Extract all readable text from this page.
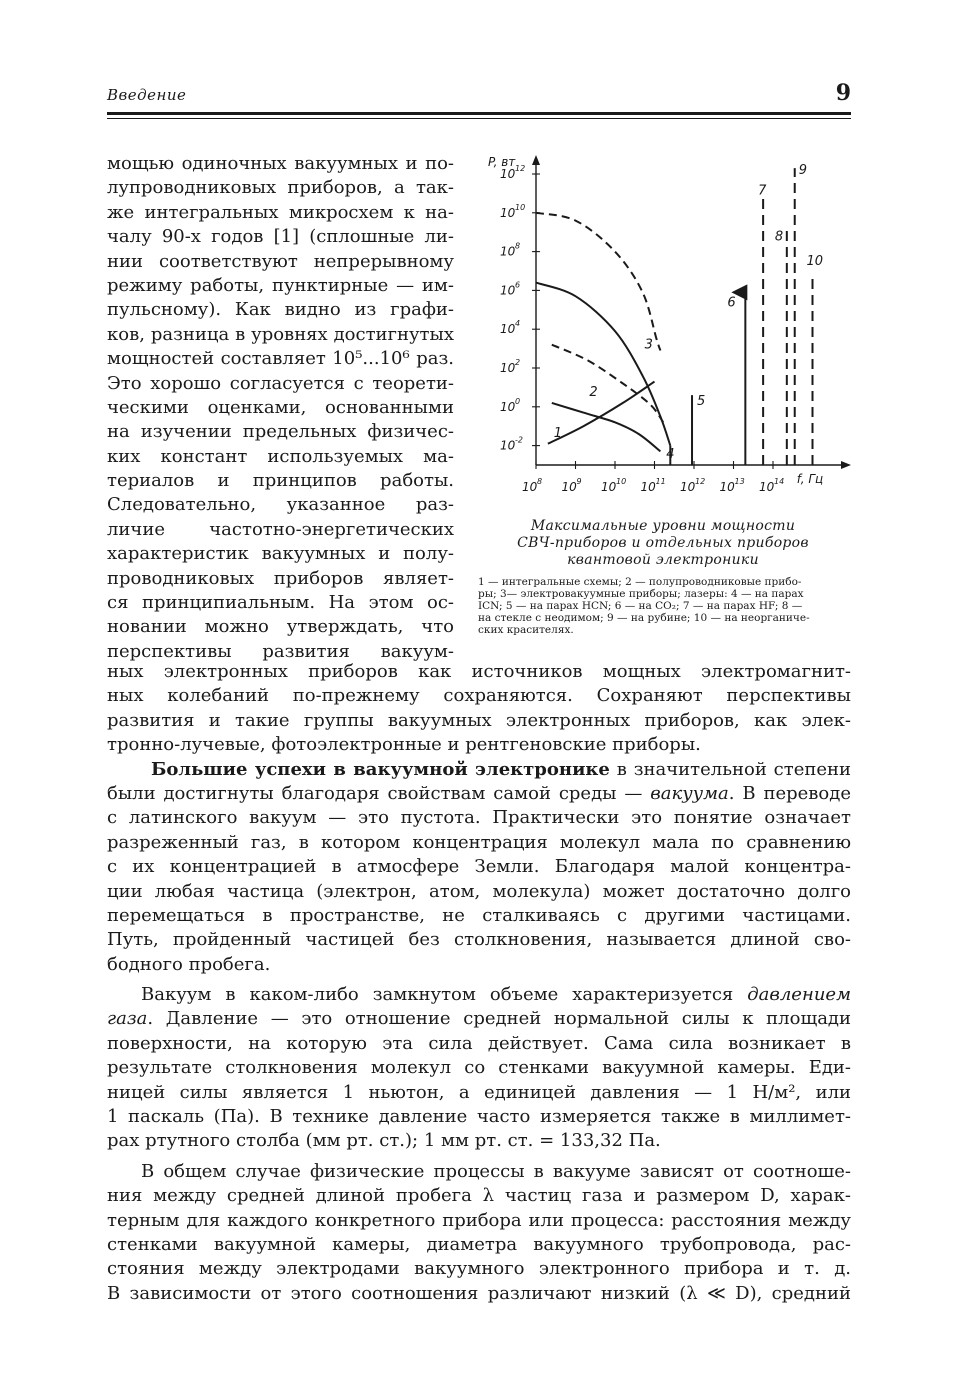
Введение	9
мощью одиночных вакуумных и по-
лупроводниковых приборов, а так-
же интегральных микросхем к на-
чалу 90-х годов [1] (сплошные ли-
нии соответствуют непрерывному
режиму работы, пунктирные — им-
пульсному). Как видно из графи-
ков, разница в уровнях достигнутых
мощностей составляет 10⁵...10⁶ раз.
Это хорошо согласуется с теорети-
ческими оценками, основанными
на изучении предельных физичес-
ких констант используемых ма-
териалов и принципов работы.
Следовательно, указанное раз-
личие частотно-энергетических
характеристик вакуумных и полу-
проводниковых приборов являет-
ся принципиальным. На этом ос-
новании можно утверждать, что
перспективы развития вакуум-
P, вт
f, Гц
10 -2
10 0
10 2
10 4
10 6
10 8
10 10
10 12
10 8 10 9 10 10 10 11 10 12 10 13 10 14
1
2
3
4
5
6
7
8
9
10
Максимальные уровни мощности
СВЧ-приборов и отдельных приборов
квантовой электроники
1 — интегральные схемы; 2 — полупроводниковые прибо-
ры; 3— электровакуумные приборы; лазеры: 4 — на парах
ICN; 5 — на парах HCN; 6 — на CO₂; 7 — на парах HF; 8 —
на стекле с неодимом; 9 — на рубине; 10 — на неорганиче-
ских красителях.
ных электронных приборов как источников мощных электромагнит-
ных колебаний по-прежнему сохраняются. Сохраняют перспективы
развития и такие группы вакуумных электронных приборов, как элек-
тронно-лучевые, фотоэлектронные и рентгеновские приборы.
Большие успехи в вакуумной электронике в значительной степени
были достигнуты благодаря свойствам самой среды — вакуума. В переводе
с латинского вакуум — это пустота. Практически это понятие означает
разреженный газ, в котором концентрация молекул мала по сравнению
с их концентрацией в атмосфере Земли. Благодаря малой концентра-
ции любая частица (электрон, атом, молекула) может достаточно долго
перемещаться в пространстве, не сталкиваясь с другими частицами.
Путь, пройденный частицей без столкновения, называется длиной сво-
бодного пробега.
Вакуум в каком-либо замкнутом объеме характеризуется давлением
газа. Давление — это отношение средней нормальной силы к площади
поверхности, на которую эта сила действует. Сама сила возникает в
результате столкновения молекул со стенками вакуумной камеры. Еди-
ницей силы является 1 ньютон, а единицей давления — 1 Н/м², или
1 паскаль (Па). В технике давление часто измеряется также в миллимет-
рах ртутного столба (мм рт. ст.); 1 мм рт. ст. = 133,32 Па.
В общем случае физические процессы в вакууме зависят от соотноше-
ния между средней длиной пробега λ частиц газа и размером D, харак-
терным для каждого конкретного прибора или процесса: расстояния между
стенками вакуумной камеры, диаметра вакуумного трубопровода, рас-
стояния между электродами вакуумного электронного прибора и т. д.
В зависимости от этого соотношения различают низкий (λ ≪ D), средний
